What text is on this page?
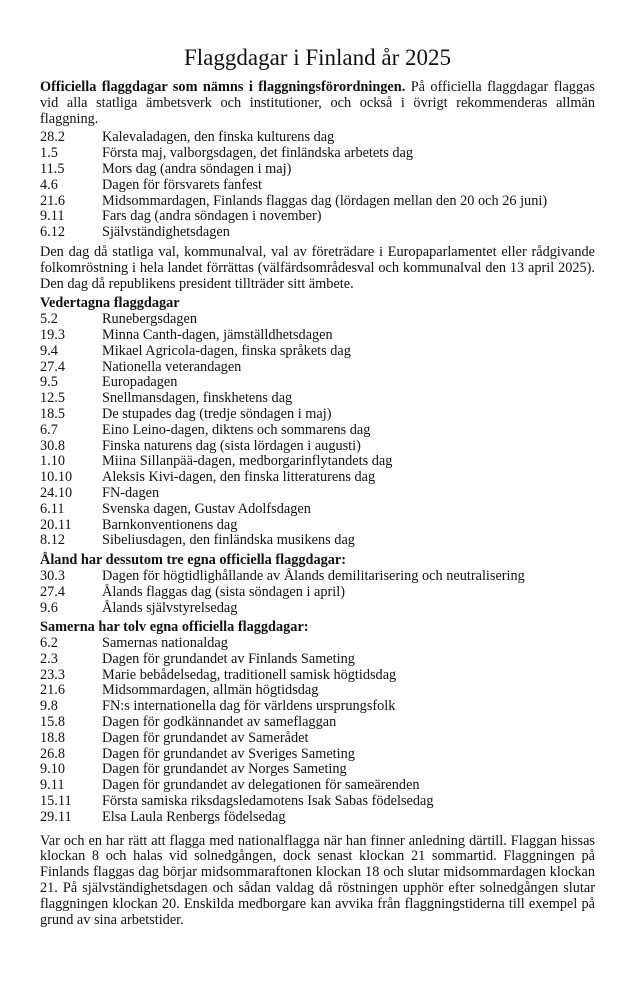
Flaggdagar i Finland år 2025

Officiella flaggdagar som nämns i flaggningsförordningen. På officiella flaggdagar flaggas vid alla statliga ämbetsverk och institutioner, och också i övrigt rekommenderas allmän flaggning.

28.2	Kalevaladagen, den finska kulturens dag
1.5	Första maj, valborgsdagen, det finländska arbetets dag
11.5	Mors dag (andra söndagen i maj)
4.6	Dagen för försvarets fanfest
21.6	Midsommardagen, Finlands flaggas dag (lördagen mellan den 20 och 26 juni)
9.11	Fars dag (andra söndagen i november)
6.12	Självständighetsdagen

Den dag då statliga val, kommunalval, val av företrädare i Europaparlamentet eller rådgivande folkomröstning i hela landet förrättas (välfärdsområdesval och kommunalval den 13 april 2025). Den dag då republikens president tillträder sitt ämbete.

Vedertagna flaggdagar

5.2	Runebergsdagen
19.3	Minna Canth-dagen, jämställdhetsdagen
9.4	Mikael Agricola-dagen, finska språkets dag
27.4	Nationella veterandagen
9.5	Europadagen
12.5	Snellmansdagen, finskhetens dag
18.5	De stupades dag (tredje söndagen i maj)
6.7	Eino Leino-dagen, diktens och sommarens dag
30.8	Finska naturens dag (sista lördagen i augusti)
1.10	Miina Sillanpää-dagen, medborgarinflytandets dag
10.10	Aleksis Kivi-dagen, den finska litteraturens dag
24.10	FN-dagen
6.11	Svenska dagen, Gustav Adolfsdagen
20.11	Barnkonventionens dag
8.12	Sibeliusdagen, den finländska musikens dag

Åland har dessutom tre egna officiella flaggdagar:

30.3	Dagen för högtidlighållande av Ålands demilitarisering och neutralisering
27.4	Ålands flaggas dag (sista söndagen i april)
9.6	Ålands självstyrelsedag

Samerna har tolv egna officiella flaggdagar:

6.2	Samernas nationaldag
2.3	Dagen för grundandet av Finlands Sameting
23.3	Marie bebådelsedag, traditionell samisk högtidsdag
21.6	Midsommardagen, allmän högtidsdag
9.8	FN:s internationella dag för världens ursprungsfolk
15.8	Dagen för godkännandet av sameflaggan
18.8	Dagen för grundandet av Samerådet
26.8	Dagen för grundandet av Sveriges Sameting
9.10	Dagen för grundandet av Norges Sameting
9.11	Dagen för grundandet av delegationen för sameärenden
15.11	Första samiska riksdagsledamotens Isak Sabas födelsedag
29.11	Elsa Laula Renbergs födelsedag

Var och en har rätt att flagga med nationalflagga när han finner anledning därtill. Flaggan hissas klockan 8 och halas vid solnedgången, dock senast klockan 21 sommartid. Flaggningen på Finlands flaggas dag börjar midsommaraftonen klockan 18 och slutar midsommardagen klockan 21. På självständighetsdagen och sådan valdag då röstningen upphör efter solnedgången slutar flaggningen klockan 20. Enskilda medborgare kan avvika från flaggningstiderna till exempel på grund av sina arbetstider.
